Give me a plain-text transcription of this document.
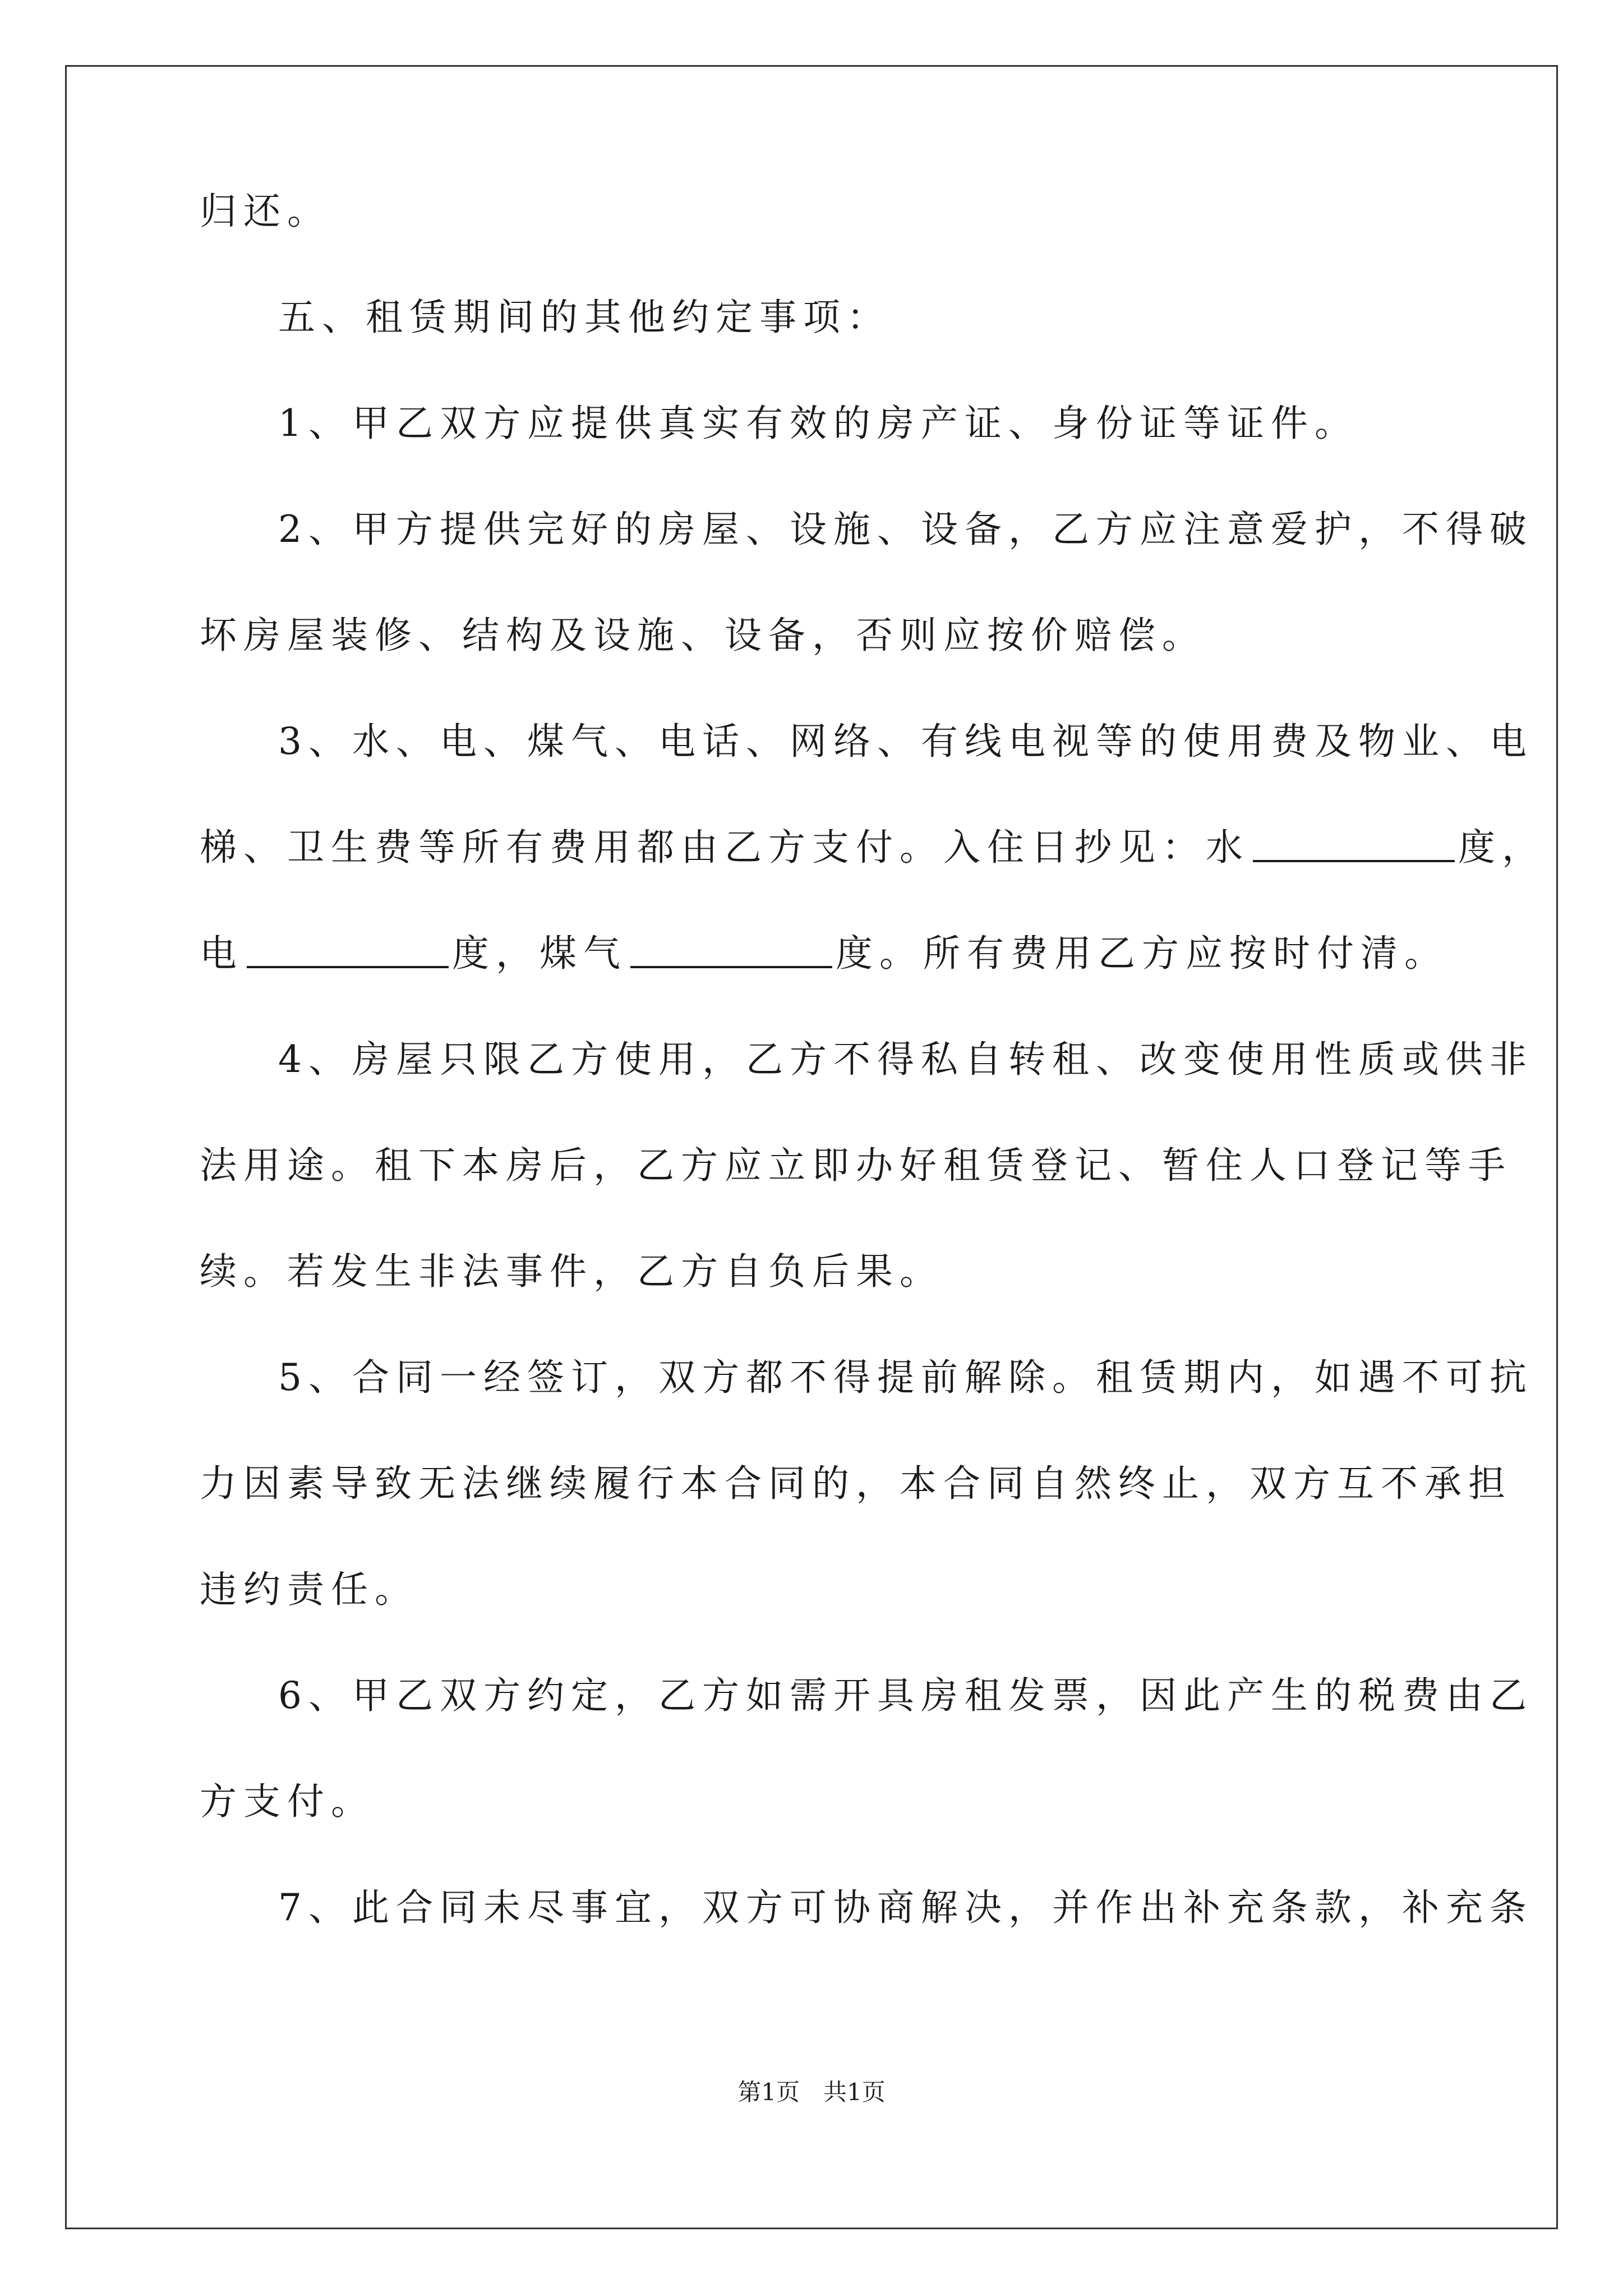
归还。
五、租赁期间的其他约定事项：
1、甲乙双方应提供真实有效的房产证、身份证等证件。
2、甲方提供完好的房屋、设施、设备，乙方应注意爱护，不得破
坏房屋装修、结构及设施、设备，否则应按价赔偿。
3、水、电、煤气、电话、网络、有线电视等的使用费及物业、电
梯、卫生费等所有费用都由乙方支付。入住日抄见：水	度，
电	度，煤气	度。所有费用乙方应按时付清。
4、房屋只限乙方使用，乙方不得私自转租、改变使用性质或供非
法用途。租下本房后，乙方应立即办好租赁登记、暂住人口登记等手
续。若发生非法事件，乙方自负后果。
5、合同一经签订，双方都不得提前解除。租赁期内，如遇不可抗
力因素导致无法继续履行本合同的，本合同自然终止，双方互不承担
违约责任。
6、甲乙双方约定，乙方如需开具房租发票，因此产生的税费由乙
方支付。
7、此合同未尽事宜，双方可协商解决，并作出补充条款，补充条
第1页　共1页
